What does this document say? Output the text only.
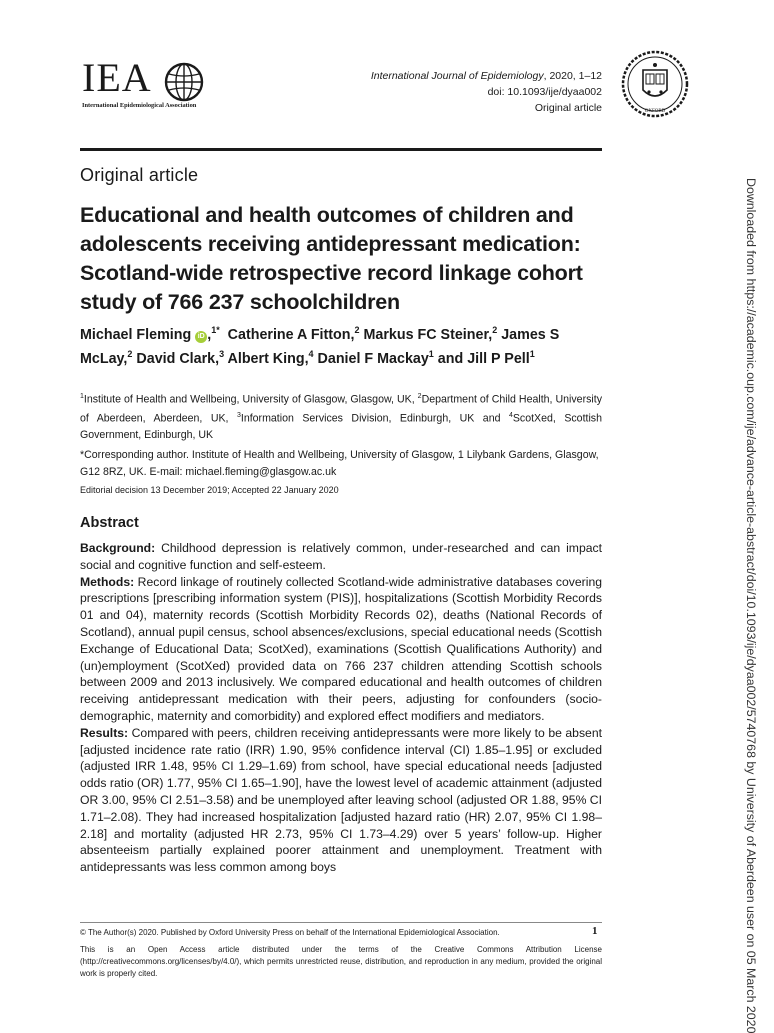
IEA
International Epidemiological Association
International Journal of Epidemiology, 2020, 1–12
doi: 10.1093/ije/dyaa002
Original article	OXFORD
Original article
Educational and health outcomes of children and adolescents receiving antidepressant medication: Scotland-wide retrospective record linkage cohort study of 766 237 schoolchildren
Michael Fleming iD ,$^{1*}$ Catherine A Fitton,$^2$ Markus FC Steiner,$^2$ James S McLay,$^2$ David Clark,$^3$ Albert King,$^4$ Daniel F Mackay$^1$ and Jill P Pell$^1$
$^1$Institute of Health and Wellbeing, University of Glasgow, Glasgow, UK, $^2$Department of Child Health, University of Aberdeen, Aberdeen, UK, $^3$Information Services Division, Edinburgh, UK and $^4$ScotXed, Scottish Government, Edinburgh, UK
*Corresponding author. Institute of Health and Wellbeing, University of Glasgow, 1 Lilybank Gardens, Glasgow, G12 8RZ, UK. E-mail: michael.fleming@glasgow.ac.uk
Editorial decision 13 December 2019; Accepted 22 January 2020
Abstract

Background: Childhood depression is relatively common, under-researched and can impact social and cognitive function and self-esteem.

Methods: Record linkage of routinely collected Scotland-wide administrative databases covering prescriptions [prescribing information system (PIS)], hospitalizations (Scottish Morbidity Records 01 and 04), maternity records (Scottish Morbidity Records 02), deaths (National Records of Scotland), annual pupil census, school absences/exclusions, special educational needs (Scottish Exchange of Educational Data; ScotXed), examinations (Scottish Qualifications Authority) and (un)employment (ScotXed) provided data on 766 237 children attending Scottish schools between 2009 and 2013 inclusively. We compared educational and health outcomes of children receiving antidepressant medication with their peers, adjusting for confounders (socio-demographic, maternity and comorbidity) and explored effect modifiers and mediators.

Results: Compared with peers, children receiving antidepressants were more likely to be absent [adjusted incidence rate ratio (IRR) 1.90, 95% confidence interval (CI) 1.85–1.95] or excluded (adjusted IRR 1.48, 95% CI 1.29–1.69) from school, have special educational needs [adjusted odds ratio (OR) 1.77, 95% CI 1.65–1.90], have the lowest level of academic attainment (adjusted OR 3.00, 95% CI 2.51–3.58) and be unemployed after leaving school (adjusted OR 1.88, 95% CI 1.71–2.08). They had increased hospitalization [adjusted hazard ratio (HR) 2.07, 95% CI 1.98–2.18] and mortality (adjusted HR 2.73, 95% CI 1.73–4.29) over 5 years’ follow-up. Higher absenteeism partially explained poorer attainment and unemployment. Treatment with antidepressants was less common among boys	Downloaded from https://academic.oup.com/ije/advance-article-abstract/doi/10.1093/ije/dyaa002/5740768 by University of Aberdeen user on 05 March 2020
© The Author(s) 2020. Published by Oxford University Press on behalf of the International Epidemiological Association.	1
This is an Open Access article distributed under the terms of the Creative Commons Attribution License (http://creativecommons.org/licenses/by/4.0/), which permits unrestricted reuse, distribution, and reproduction in any medium, provided the original work is properly cited.
